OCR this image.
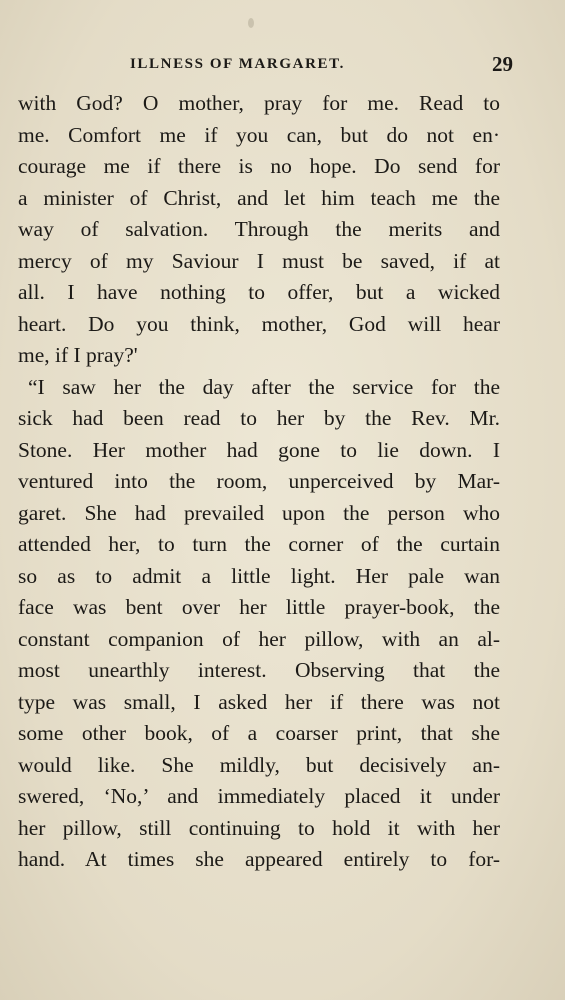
ILLNESS OF MARGARET.	29
with God? O mother, pray for me. Read to
me. Comfort me if you can, but do not en·
courage me if there is no hope. Do send for
a minister of Christ, and let him teach me the
way of salvation. Through the merits and
mercy of my Saviour I must be saved, if at
all. I have nothing to offer, but a wicked
heart. Do you think, mother, God will hear
me, if I pray?'
“I saw her the day after the service for the
sick had been read to her by the Rev. Mr.
Stone. Her mother had gone to lie down. I
ventured into the room, unperceived by Mar-
garet. She had prevailed upon the person who
attended her, to turn the corner of the curtain
so as to admit a little light. Her pale wan
face was bent over her little prayer-book, the
constant companion of her pillow, with an al-
most unearthly interest. Observing that the
type was small, I asked her if there was not
some other book, of a coarser print, that she
would like. She mildly, but decisively an-
swered, ‘No,’ and immediately placed it under
her pillow, still continuing to hold it with her
hand. At times she appeared entirely to for-
